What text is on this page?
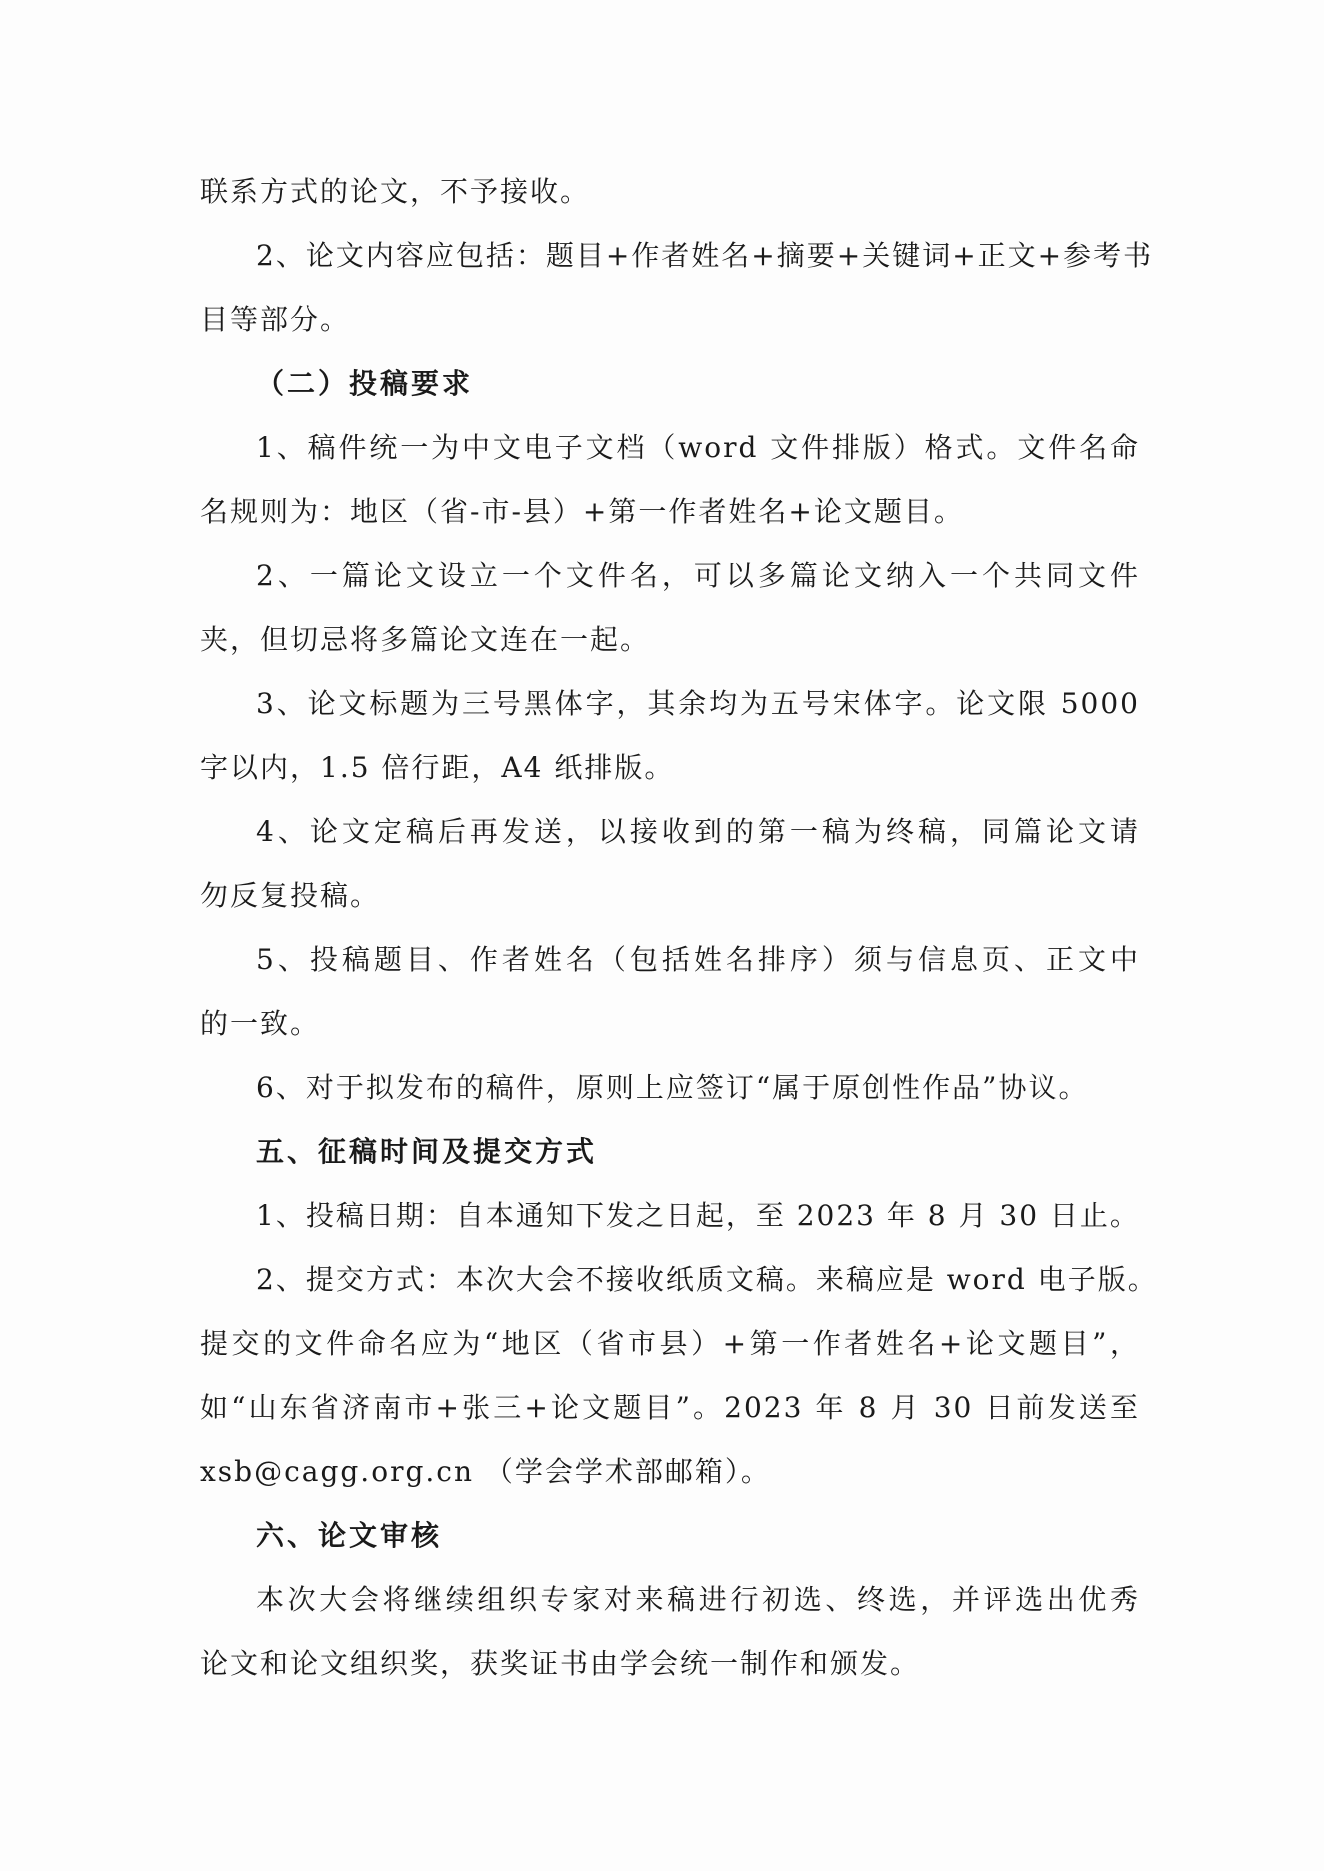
联系方式的论文，不予接收。
2、论文内容应包括：题目+作者姓名+摘要+关键词+正文+参考书
目等部分。
（二）投稿要求
1、稿件统一为中文电子文档（word 文件排版）格式。文件名命
名规则为：地区（省-市-县）+第一作者姓名+论文题目。
2、一篇论文设立一个文件名，可以多篇论文纳入一个共同文件
夹，但切忌将多篇论文连在一起。
3、论文标题为三号黑体字，其余均为五号宋体字。论文限 5000
字以内，1.5 倍行距，A4 纸排版。
4、论文定稿后再发送，以接收到的第一稿为终稿，同篇论文请
勿反复投稿。
5、投稿题目、作者姓名（包括姓名排序）须与信息页、正文中
的一致。
6、对于拟发布的稿件，原则上应签订“属于原创性作品”协议。
五、征稿时间及提交方式
1、投稿日期：自本通知下发之日起，至 2023 年 8 月 30 日止。
2、提交方式：本次大会不接收纸质文稿。来稿应是 word 电子版。
提交的文件命名应为“地区（省市县）+第一作者姓名+论文题目”，
如“山东省济南市+张三+论文题目”。2023 年 8 月 30 日前发送至
xsb@cagg.org.cn （学会学术部邮箱）。
六、论文审核
本次大会将继续组织专家对来稿进行初选、终选，并评选出优秀
论文和论文组织奖，获奖证书由学会统一制作和颁发。
